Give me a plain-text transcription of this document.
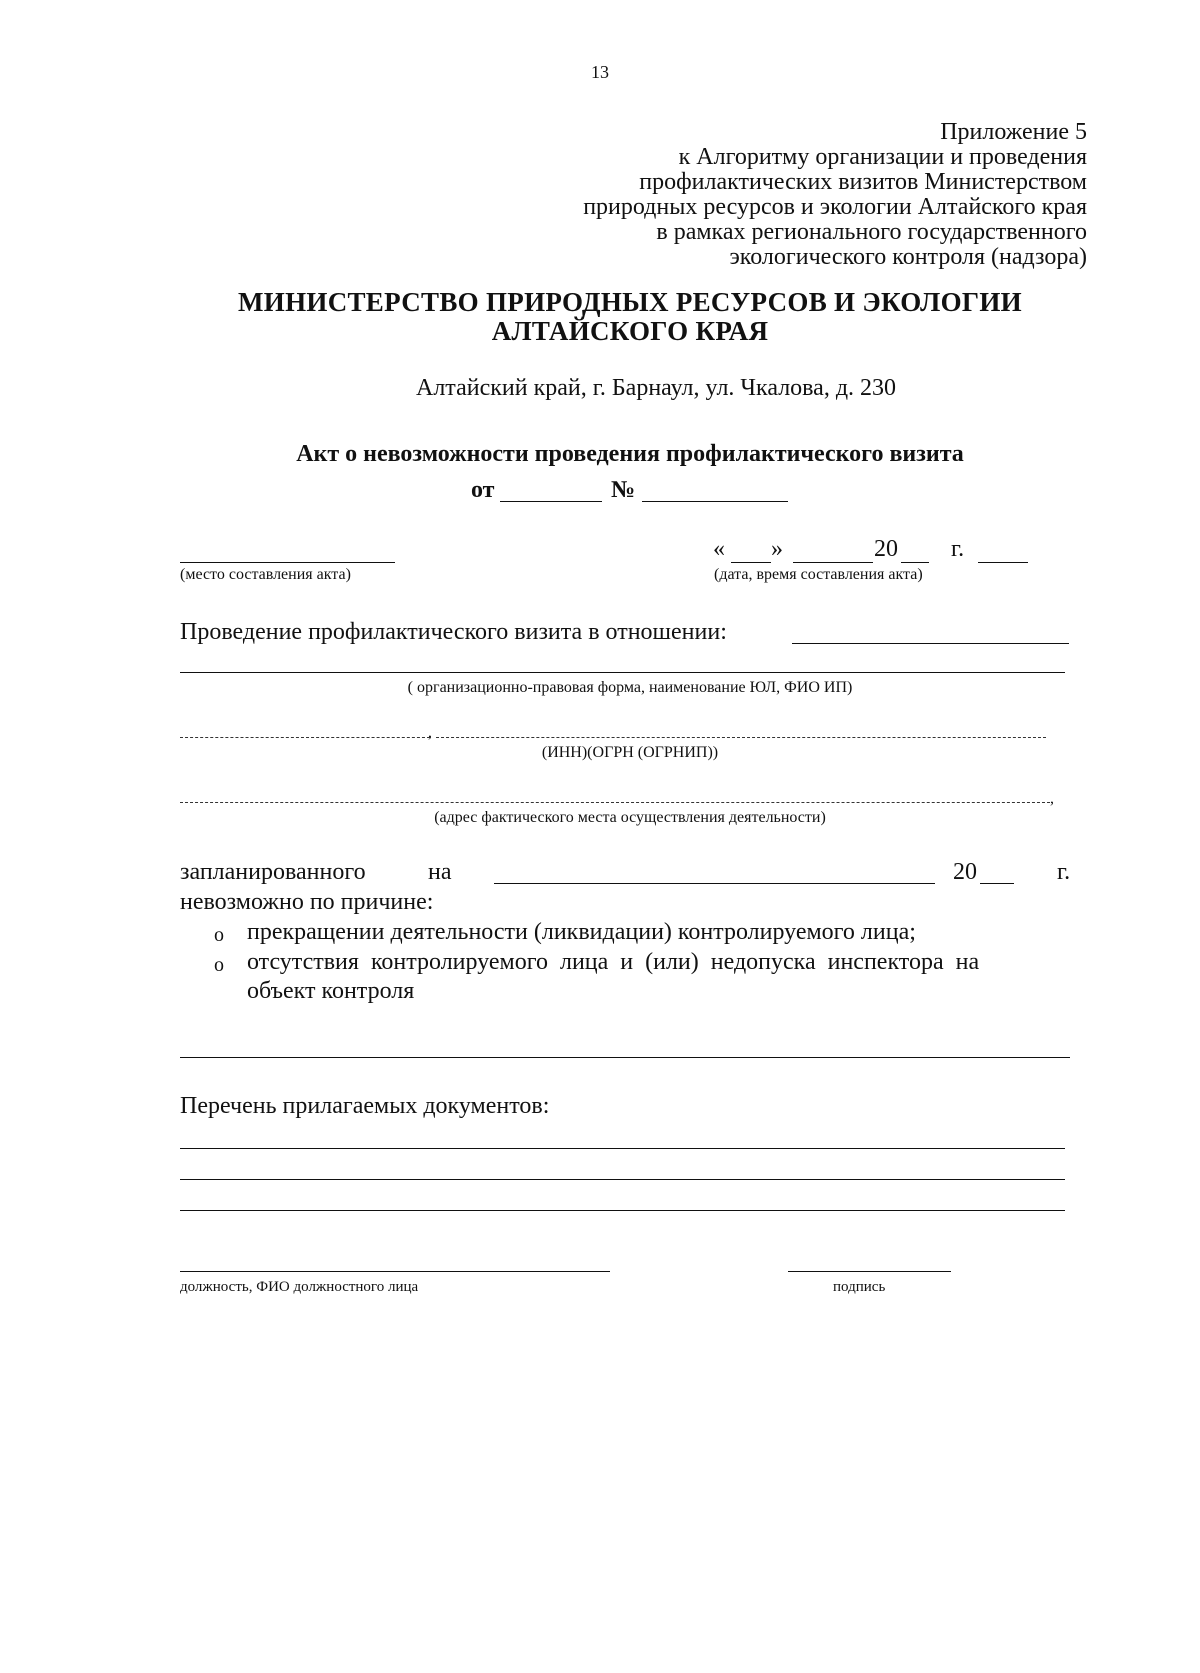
13
Приложение 5
к Алгоритму организации и проведения
профилактических визитов Министерством
природных ресурсов и экологии Алтайского края
в рамках регионального государственного
экологического контроля (надзора)
МИНИСТЕРСТВО ПРИРОДНЫХ РЕСУРСОВ И ЭКОЛОГИИ
АЛТАЙСКОГО КРАЯ
Алтайский край, г. Барнаул, ул. Чкалова, д. 230
Акт о невозможности проведения профилактического визита
от	№
(место составления акта)
« »	20 г.
(дата, время составления акта)
Проведение профилактического визита в отношении:
( организационно-правовая форма, наименование ЮЛ, ФИО ИП)
,
(ИНН)(ОГРН (ОГРНИП))
,
(адрес фактического места осуществления деятельности)
запланированного	на	20	г.
невозможно по причине:
o прекращении деятельности (ликвидации) контролируемого лица;
o отсутствия  контролируемого  лица  и  (или)  недопуска  инспектора  на
объект контроля
Перечень прилагаемых документов:
должность, ФИО должностного лица	подпись
